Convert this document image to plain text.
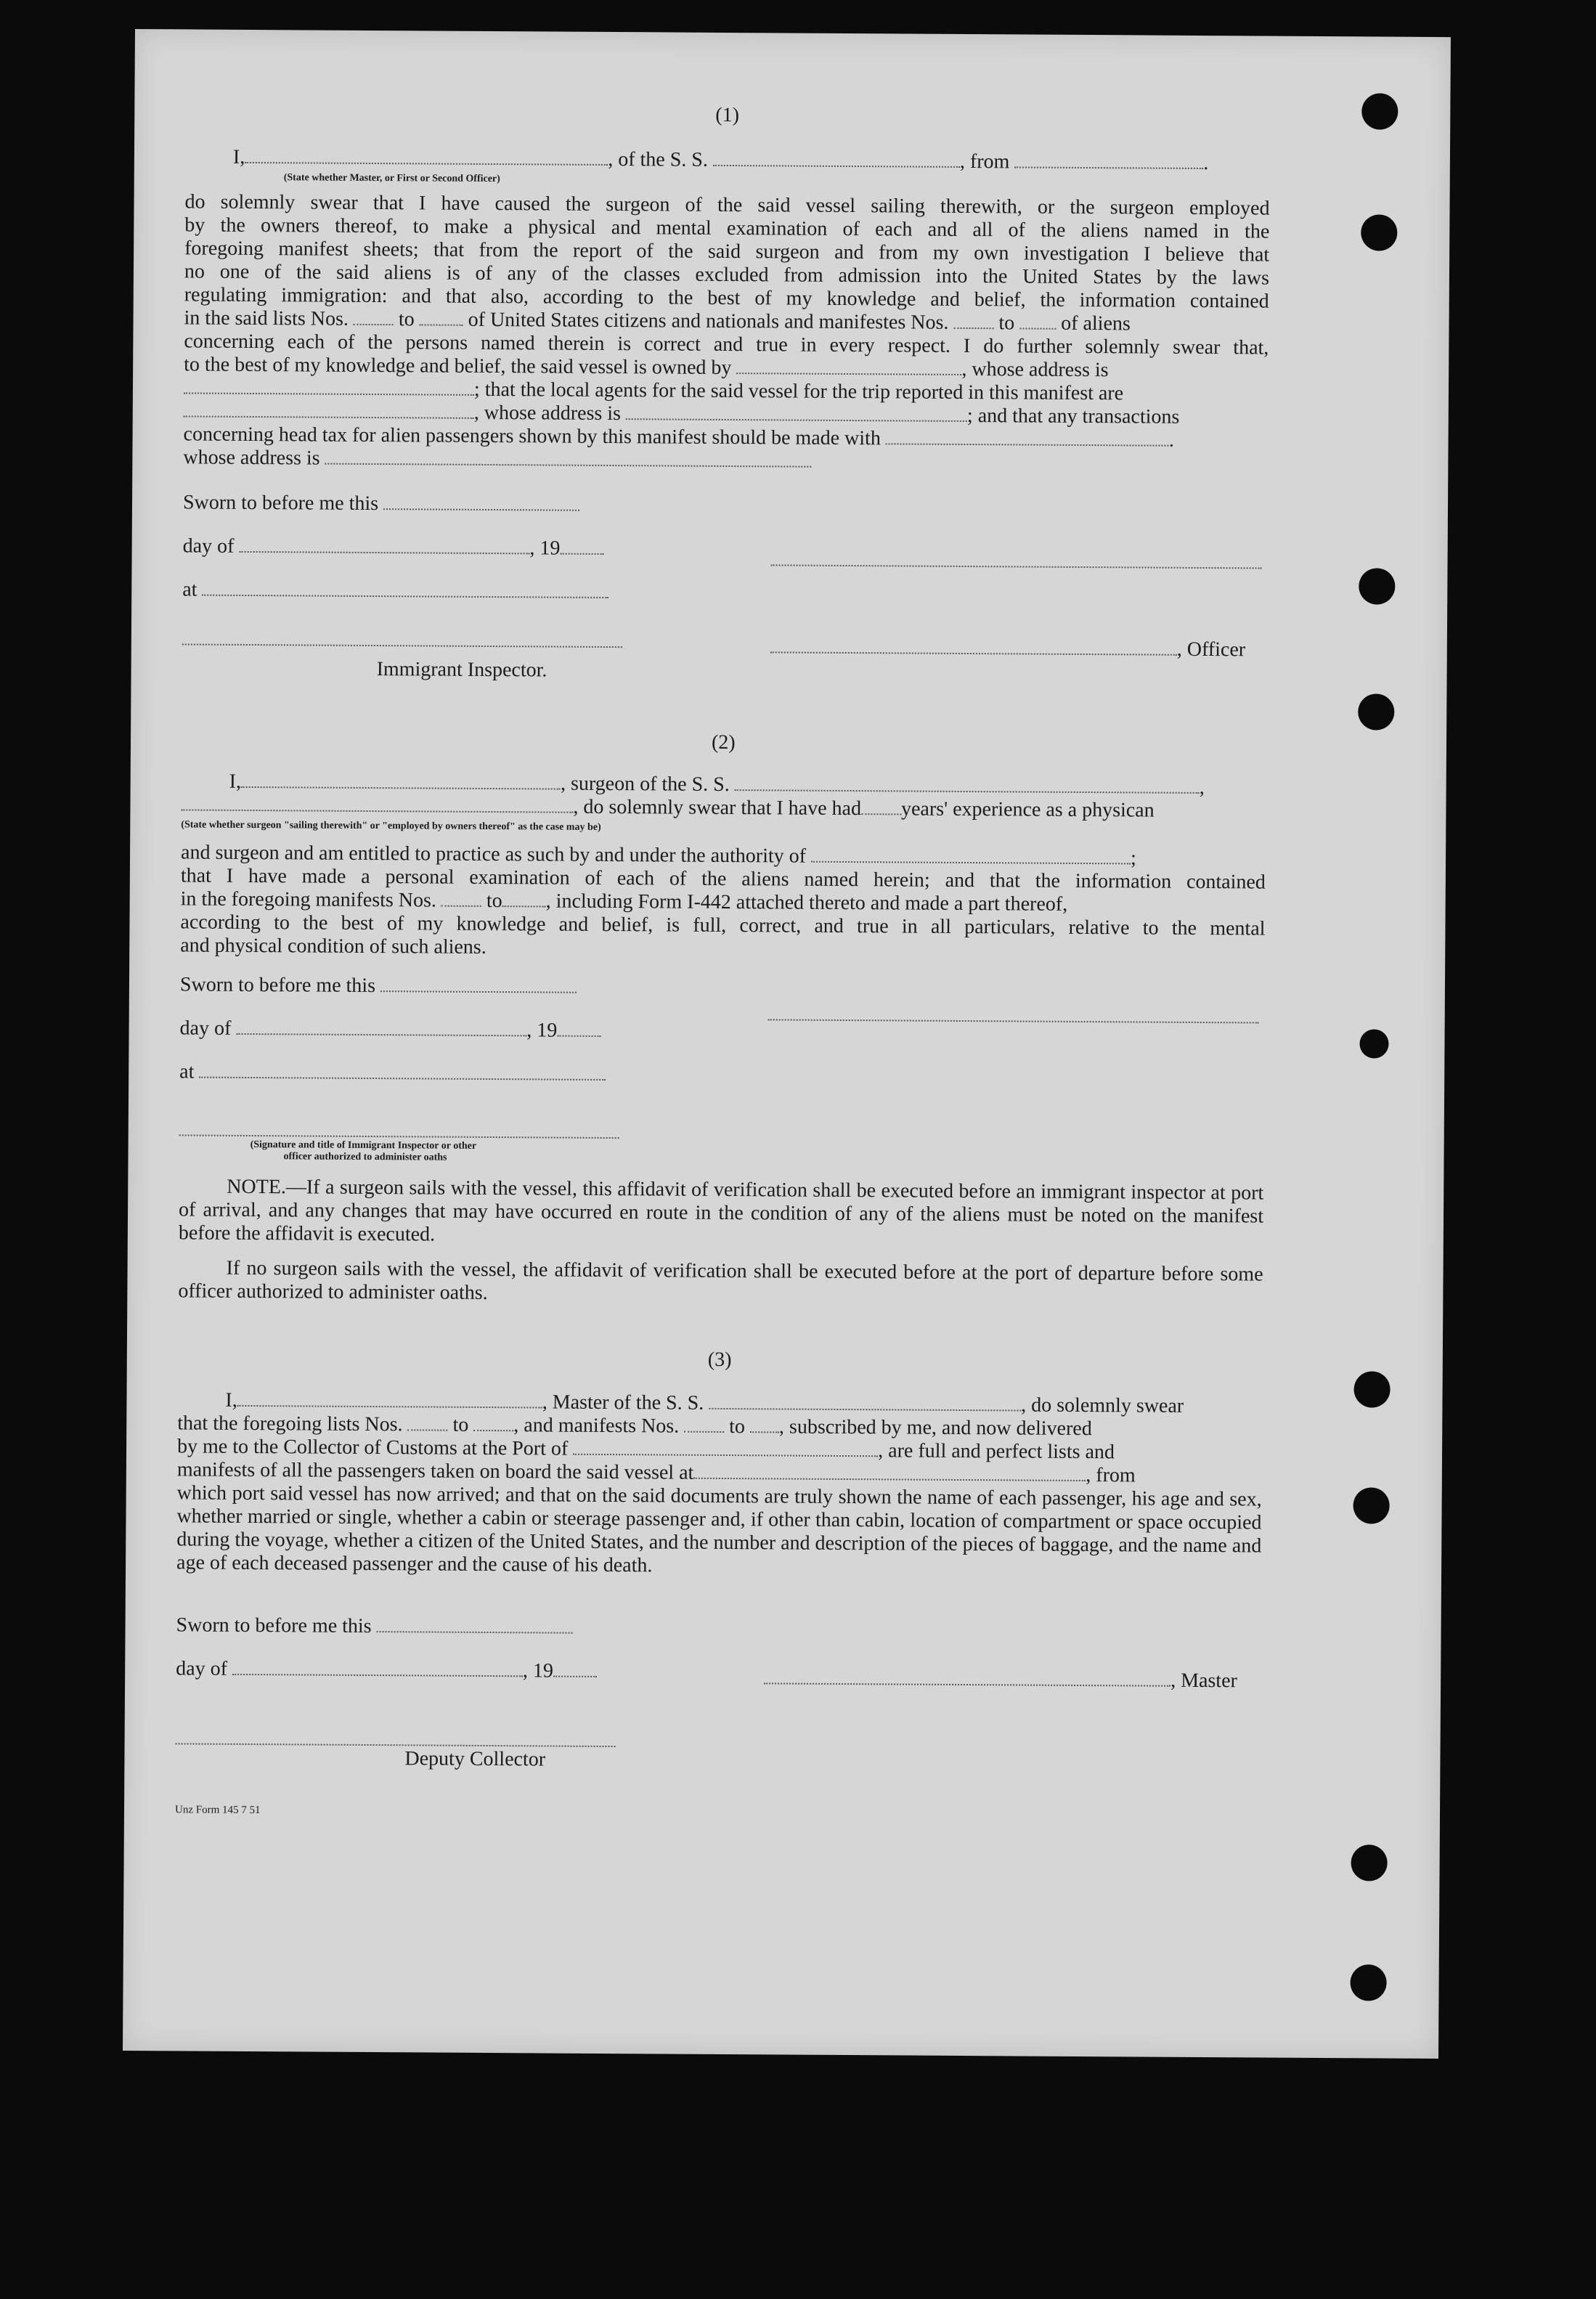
(1)
I,	, of the S. S.	, from	.
(State whether Master, or First or Second Officer)
do solemnly swear that I have caused the surgeon of the said vessel sailing therewith, or the surgeon employed
by the owners thereof, to make a physical and mental examination of each and all of the aliens named in the
foregoing manifest sheets; that from the report of the said surgeon and from my own investigation I believe that
no one of the said aliens is of any of the classes excluded from admission into the United States by the laws
regulating immigration: and that also, according to the best of my knowledge and belief, the information contained
in the said lists Nos. to	of United States citizens and nationals and manifestes Nos. to of aliens
concerning each of the persons named therein is correct and true in every respect. I do further solemnly swear that,
to the best of my knowledge and belief, the said vessel is owned by	, whose address is
; that the local agents for the said vessel for the trip reported in this manifest are
, whose address is	; and that any transactions
concerning head tax for alien passengers shown by this manifest should be made with	.
whose address is
Sworn to before me this
day of	, 19
at
, Officer
Immigrant Inspector.
(2)
I,	, surgeon of the S. S.	,
, do solemnly swear that I have had years' experience as a physican
(State whether surgeon "sailing therewith" or "employed by owners thereof" as the case may be)
and surgeon and am entitled to practice as such by and under the authority of	;
that I have made a personal examination of each of the aliens named herein; and that the information contained
in the foregoing manifests Nos. to , including Form I-442 attached thereto and made a part thereof,
according to the best of my knowledge and belief, is full, correct, and true in all particulars, relative to the mental
and physical condition of such aliens.
Sworn to before me this
day of	, 19
at
(Signature and title of Immigrant Inspector or other
officer authorized to administer oaths
NOTE.—If a surgeon sails with the vessel, this affidavit of verification shall be executed before an immigrant inspector at port of arrival, and any changes that may have occurred en route in the condition of any of the aliens must be noted on the manifest before the affidavit is executed.
If no surgeon sails with the vessel, the affidavit of verification shall be executed before at the port of departure before some officer authorized to administer oaths.
(3)
I,	, Master of the S. S.	, do solemnly swear
that the foregoing lists Nos. to , and manifests Nos. to , subscribed by me, and now delivered
by me to the Collector of Customs at the Port of	, are full and perfect lists and
manifests of all the passengers taken on board the said vessel at	, from
which port said vessel has now arrived; and that on the said documents are truly shown the name of each passenger, his age and sex, whether married or single, whether a cabin or steerage passenger and, if other than cabin, location of compartment or space occupied during the voyage, whether a citizen of the United States, and the number and description of the pieces of baggage, and the name and age of each deceased passenger and the cause of his death.
Sworn to before me this
day of	, 19	, Master
Deputy Collector
Unz Form 145 7 51
